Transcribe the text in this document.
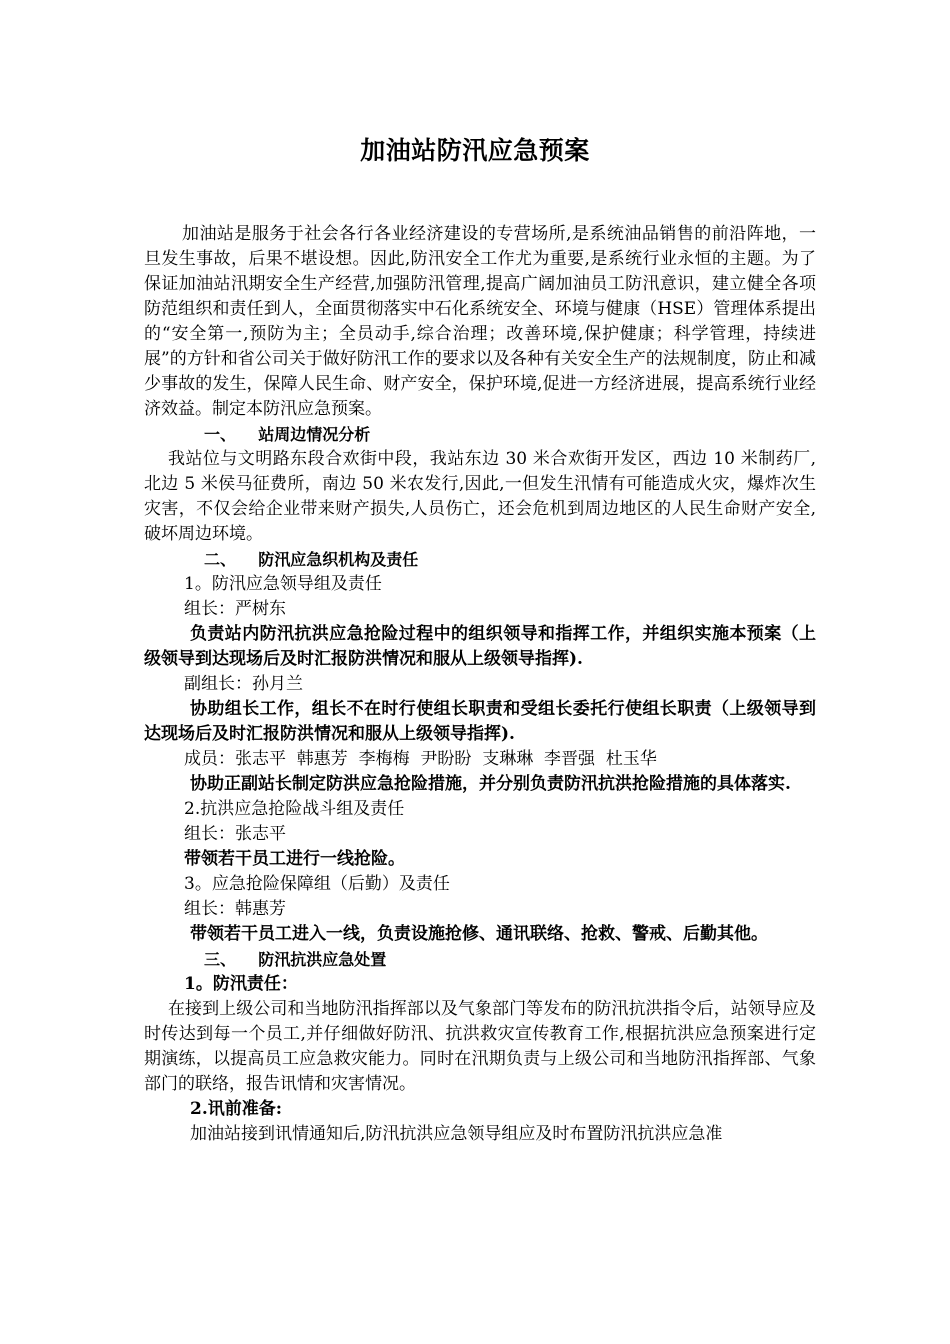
加油站防汛应急预案

加油站是服务于社会各行各业经济建设的专营场所,是系统油品销售的前沿阵地，一旦发生事故，后果不堪设想。因此,防汛安全工作尤为重要,是系统行业永恒的主题。为了保证加油站汛期安全生产经营,加强防汛管理,提高广阔加油员工防汛意识，建立健全各项防范组织和责任到人，全面贯彻落实中石化系统安全、环境与健康（HSE）管理体系提出的“安全第一,预防为主；全员动手,综合治理；改善环境,保护健康；科学管理，持续进展”的方针和省公司关于做好防汛工作的要求以及各种有关安全生产的法规制度，防止和减少事故的发生，保障人民生命、财产安全，保护环境,促进一方经济进展，提高系统行业经济效益。制定本防汛应急预案。

一、    站周边情况分析

我站位与文明路东段合欢街中段，我站东边 30 米合欢街开发区，西边 10 米制药厂,北边 5 米侯马征费所，南边 50 米农发行,因此,一但发生汛情有可能造成火灾，爆炸次生灾害，不仅会给企业带来财产损失,人员伤亡，还会危机到周边地区的人民生命财产安全,破坏周边环境。

二、    防汛应急织机构及责任

1。防汛应急领导组及责任

组长：严树东

负责站内防汛抗洪应急抢险过程中的组织领导和指挥工作，并组织实施本预案（上级领导到达现场后及时汇报防洪情况和服从上级领导指挥).

副组长：孙月兰

协助组长工作，组长不在时行使组长职责和受组长委托行使组长职责（上级领导到达现场后及时汇报防洪情况和服从上级领导指挥).

成员：张志平  韩惠芳  李梅梅  尹盼盼  支琳琳  李晋强  杜玉华

协助正副站长制定防洪应急抢险措施，并分别负责防汛抗洪抢险措施的具体落实.

2.抗洪应急抢险战斗组及责任

组长：张志平

带领若干员工进行一线抢险。

3。应急抢险保障组（后勤）及责任

组长：韩惠芳

带领若干员工进入一线，负责设施抢修、通讯联络、抢救、警戒、后勤其他。

三、    防汛抗洪应急处置

1。防汛责任：

在接到上级公司和当地防汛指挥部以及气象部门等发布的防汛抗洪指令后，站领导应及时传达到每一个员工,并仔细做好防汛、抗洪救灾宣传教育工作,根据抗洪应急预案进行定期演练，以提高员工应急救灾能力。同时在汛期负责与上级公司和当地防汛指挥部、气象部门的联络，报告讯情和灾害情况。

2.讯前准备:

加油站接到讯情通知后,防汛抗洪应急领导组应及时布置防汛抗洪应急准
